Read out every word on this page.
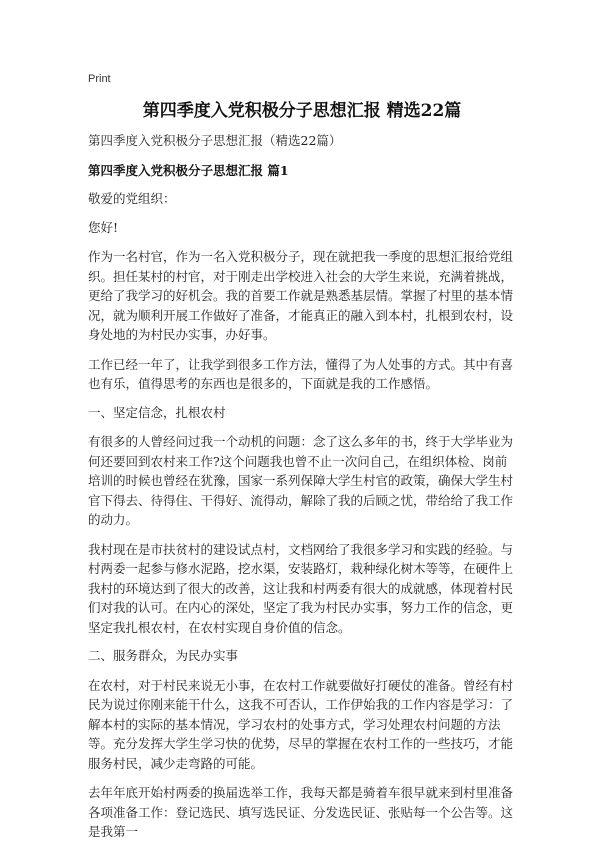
Print
第四季度入党积极分子思想汇报 精选22篇
第四季度入党积极分子思想汇报（精选22篇）
第四季度入党积极分子思想汇报 篇1

敬爱的党组织：

您好!

作为一名村官，作为一名入党积极分子，现在就把我一季度的思想汇报给党组织。担任某村的村官，对于刚走出学校进入社会的大学生来说，充满着挑战，更给了我学习的好机会。我的首要工作就是熟悉基层情。掌握了村里的基本情况，就为顺利开展工作做好了准备，才能真正的融入到本村，扎根到农村，设身处地的为村民办实事，办好事。

工作已经一年了，让我学到很多工作方法，懂得了为人处事的方式。其中有喜也有乐，值得思考的东西也是很多的，下面就是我的工作感悟。

一、坚定信念，扎根农村

有很多的人曾经问过我一个动机的问题：念了这么多年的书，终于大学毕业为何还要回到农村来工作?这个问题我也曾不止一次问自己，在组织体检、岗前培训的时候也曾经在犹豫，国家一系列保障大学生村官的政策，确保大学生村官下得去、待得住、干得好、流得动，解除了我的后顾之忧，带给给了我工作的动力。

我村现在是市扶贫村的建设试点村，文档网给了我很多学习和实践的经验。与村两委一起参与修水泥路，挖水渠，安装路灯，栽种绿化树木等等，在硬件上我村的环境达到了很大的改善，这让我和村两委有很大的成就感，体现着村民们对我的认可。在内心的深处，坚定了我为村民办实事，努力工作的信念，更坚定我扎根农村，在农村实现自身价值的信念。

二、服务群众，为民办实事

在农村，对于村民来说无小事，在农村工作就要做好打硬仗的准备。曾经有村民为说过你刚来能干什么，这我不可否认，工作伊始我的工作内容是学习：了解本村的实际的基本情况，学习农村的处事方式，学习处理农村问题的方法等。充分发挥大学生学习快的优势，尽早的掌握在农村工作的一些技巧，才能服务村民，减少走弯路的可能。

去年年底开始村两委的换届选举工作，我每天都是骑着车很早就来到村里准备各项准备工作：登记选民、填写选民证、分发选民证、张贴每一个公告等。这是我第一
